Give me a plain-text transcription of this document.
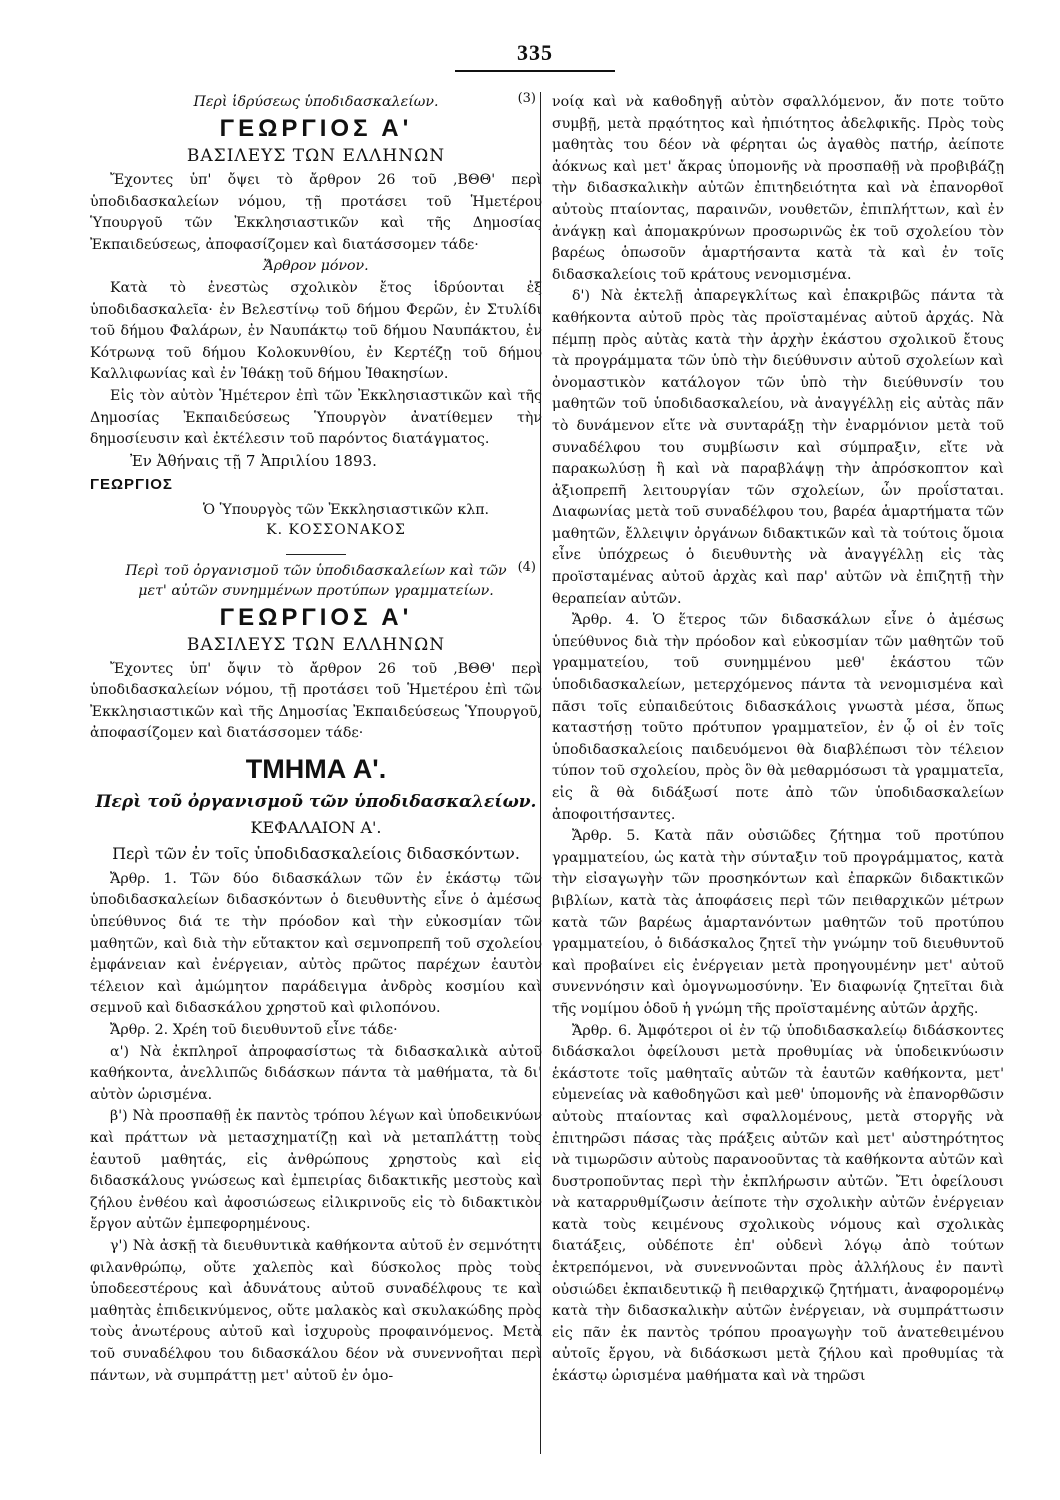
335
(3)
Περὶ ἱδρύσεως ὑποδιδασκαλείων.
ΓΕΩΡΓΙΟΣ Α'
ΒΑΣΙΛΕΥΣ ΤΩΝ ΕΛΛΗΝΩΝ

Ἔχοντες ὑπ' ὄψει τὸ ἄρθρον 26 τοῦ ,ΒΘΘ' περὶ ὑποδιδασκαλείων νόμου, τῇ προτάσει τοῦ Ἡμετέρου Ὑπουργοῦ τῶν Ἐκκλησιαστικῶν καὶ τῆς Δημοσίας Ἐκπαιδεύσεως, ἀποφασίζομεν καὶ διατάσσομεν τάδε·

Ἄρθρον μόνον.

Κατὰ τὸ ἐνεστὼς σχολικὸν ἔτος ἱδρύονται ἐξ ὑποδιδασκαλεῖα· ἐν Βελεστίνῳ τοῦ δήμου Φερῶν, ἐν Στυλίδι τοῦ δήμου Φαλάρων, ἐν Ναυπάκτῳ τοῦ δήμου Ναυπάκτου, ἐν Κότρωνᾳ τοῦ δήμου Κολοκυνθίου, ἐν Κερτέζῃ τοῦ δήμου Καλλιφωνίας καὶ ἐν Ἰθάκῃ τοῦ δήμου Ἰθακησίων.

Εἰς τὸν αὐτὸν Ἡμέτερον ἐπὶ τῶν Ἐκκλησιαστικῶν καὶ τῆς Δημοσίας Ἐκπαιδεύσεως Ὑπουργὸν ἀνατίθεμεν τὴν δημοσίευσιν καὶ ἐκτέλεσιν τοῦ παρόντος διατάγματος.

Ἐν Ἀθήναις τῇ 7 Ἀπριλίου 1893.
ΓΕΩΡΓΙΟΣ
Ὁ Ὑπουργὸς τῶν Ἐκκλησιαστικῶν κλπ.
Κ. ΚΟΣΣΟΝΑΚΟΣ
(4)
Περὶ τοῦ ὀργανισμοῦ τῶν ὑποδιδασκαλείων καὶ τῶν μετ' αὐτῶν συνημμένων προτύπων γραμματείων.
ΓΕΩΡΓΙΟΣ Α'
ΒΑΣΙΛΕΥΣ ΤΩΝ ΕΛΛΗΝΩΝ

Ἔχοντες ὑπ' ὄψιν τὸ ἄρθρον 26 τοῦ ,ΒΘΘ' περὶ ὑποδιδασκαλείων νόμου, τῇ προτάσει τοῦ Ἡμετέρου ἐπὶ τῶν Ἐκκλησιαστικῶν καὶ τῆς Δημοσίας Ἐκπαιδεύσεως Ὑπουργοῦ, ἀποφασίζομεν καὶ διατάσσομεν τάδε·

ΤΜΗΜΑ Α'.
Περὶ τοῦ ὀργανισμοῦ τῶν ὑποδιδασκαλείων.
ΚΕΦΑΛΑΙΟΝ Α'.
Περὶ τῶν ἐν τοῖς ὑποδιδασκαλείοις διδασκόντων.

Ἄρθρ. 1. Τῶν δύο διδασκάλων τῶν ἐν ἑκάστῳ τῶν ὑποδιδασκαλείων διδασκόντων ὁ διευθυντὴς εἶνε ὁ ἀμέσως ὑπεύθυνος διά τε τὴν πρόοδον καὶ τὴν εὐκοσμίαν τῶν μαθητῶν, καὶ διὰ τὴν εὔτακτον καὶ σεμνοπρεπῆ τοῦ σχολείου ἐμφάνειαν καὶ ἐνέργειαν, αὐτὸς πρῶτος παρέχων ἑαυτὸν τέλειον καὶ ἀμώμητον παράδειγμα ἀνδρὸς κοσμίου καὶ σεμνοῦ καὶ διδασκάλου χρηστοῦ καὶ φιλοπόνου.

Ἄρθρ. 2. Χρέη τοῦ διευθυντοῦ εἶνε τάδε·

α') Νὰ ἐκπληροῖ ἀπροφασίστως τὰ διδασκαλικὰ αὐτοῦ καθήκοντα, ἀνελλιπῶς διδάσκων πάντα τὰ μαθήματα, τὰ δι' αὐτὸν ὡρισμένα.

β') Νὰ προσπαθῇ ἐκ παντὸς τρόπου λέγων καὶ ὑποδεικνύων καὶ πράττων νὰ μετασχηματίζῃ καὶ νὰ μεταπλάττῃ τοὺς ἑαυτοῦ μαθητάς, εἰς ἀνθρώπους χρηστοὺς καὶ εἰς διδασκάλους γνώσεως καὶ ἐμπειρίας διδακτικῆς μεστοὺς καὶ ζήλου ἐνθέου καὶ ἀφοσιώσεως εἰλικρινοῦς εἰς τὸ διδακτικὸν ἔργον αὐτῶν ἐμπεφορημένους.

γ') Νὰ ἀσκῇ τὰ διευθυντικὰ καθήκοντα αὐτοῦ ἐν σεμνότητι φιλανθρώπῳ, οὔτε χαλεπὸς καὶ δύσκολος πρὸς τοὺς ὑποδεεστέρους καὶ ἀδυνάτους αὐτοῦ συναδέλφους τε καὶ μαθητὰς ἐπιδεικνύμενος, οὔτε μαλακὸς καὶ σκυλακώδης πρὸς τοὺς ἀνωτέρους αὐτοῦ καὶ ἰσχυροὺς προφαινόμενος. Μετὰ τοῦ συναδέλφου του διδασκάλου δέον νὰ συνεννοῆται περὶ πάντων, νὰ συμπράττῃ μετ' αὐτοῦ ἐν ὁμο-

νοίᾳ καὶ νὰ καθοδηγῇ αὐτὸν σφαλλόμενον, ἄν ποτε τοῦτο συμβῇ, μετὰ πρᾳότητος καὶ ἠπιότητος ἀδελφικῆς. Πρὸς τοὺς μαθητὰς του δέον νὰ φέρηται ὡς ἀγαθὸς πατήρ, ἀείποτε ἀόκνως καὶ μετ' ἄκρας ὑπομονῆς νὰ προσπαθῇ νὰ προβιβάζῃ τὴν διδασκαλικὴν αὐτῶν ἐπιτηδειότητα καὶ νὰ ἐπανορθοῖ αὐτοὺς πταίοντας, παραινῶν, νουθετῶν, ἐπιπλήττων, καὶ ἐν ἀνάγκῃ καὶ ἀπομακρύνων προσωρινῶς ἐκ τοῦ σχολείου τὸν βαρέως ὁπωσοῦν ἁμαρτήσαντα κατὰ τὰ καὶ ἐν τοῖς διδασκαλείοις τοῦ κράτους νενομισμένα.

δ') Νὰ ἐκτελῇ ἀπαρεγκλίτως καὶ ἐπακριβῶς πάντα τὰ καθήκοντα αὐτοῦ πρὸς τὰς προϊσταμένας αὐτοῦ ἀρχάς. Νὰ πέμπῃ πρὸς αὐτὰς κατὰ τὴν ἀρχὴν ἑκάστου σχολικοῦ ἔτους τὰ προγράμματα τῶν ὑπὸ τὴν διεύθυνσιν αὐτοῦ σχολείων καὶ ὀνομαστικὸν κατάλογον τῶν ὑπὸ τὴν διεύθυνσίν του μαθητῶν τοῦ ὑποδιδασκαλείου, νὰ ἀναγγέλλῃ εἰς αὐτὰς πᾶν τὸ δυνάμενον εἴτε νὰ συνταράξῃ τὴν ἐναρμόνιον μετὰ τοῦ συναδέλφου του συμβίωσιν καὶ σύμπραξιν, εἴτε νὰ παρακωλύσῃ ἢ καὶ νὰ παραβλάψῃ τὴν ἀπρόσκοπτον καὶ ἀξιοπρεπῆ λειτουργίαν τῶν σχολείων, ὧν προΐσταται. Διαφωνίας μετὰ τοῦ συναδέλφου του, βαρέα ἁμαρτήματα τῶν μαθητῶν, ἔλλειψιν ὀργάνων διδακτικῶν καὶ τὰ τούτοις ὅμοια εἶνε ὑπόχρεως ὁ διευθυντὴς νὰ ἀναγγέλλῃ εἰς τὰς προϊσταμένας αὐτοῦ ἀρχὰς καὶ παρ' αὐτῶν νὰ ἐπιζητῇ τὴν θεραπείαν αὐτῶν.

Ἄρθρ. 4. Ὁ ἕτερος τῶν διδασκάλων εἶνε ὁ ἀμέσως ὑπεύθυνος διὰ τὴν πρόοδον καὶ εὐκοσμίαν τῶν μαθητῶν τοῦ γραμματείου, τοῦ συνημμένου μεθ' ἑκάστου τῶν ὑποδιδασκαλείων, μετερχόμενος πάντα τὰ νενομισμένα καὶ πᾶσι τοῖς εὐπαιδεύτοις διδασκάλοις γνωστὰ μέσα, ὅπως καταστήσῃ τοῦτο πρότυπον γραμματεῖον, ἐν ᾧ οἱ ἐν τοῖς ὑποδιδασκαλείοις παιδευόμενοι θὰ διαβλέπωσι τὸν τέλειον τύπον τοῦ σχολείου, πρὸς ὃν θὰ μεθαρμόσωσι τὰ γραμματεῖα, εἰς ἃ θὰ διδάξωσί ποτε ἀπὸ τῶν ὑποδιδασκαλείων ἀποφοιτήσαντες.

Ἄρθρ. 5. Κατὰ πᾶν οὐσιῶδες ζήτημα τοῦ προτύπου γραμματείου, ὡς κατὰ τὴν σύνταξιν τοῦ προγράμματος, κατὰ τὴν εἰσαγωγὴν τῶν προσηκόντων καὶ ἐπαρκῶν διδακτικῶν βιβλίων, κατὰ τὰς ἀποφάσεις περὶ τῶν πειθαρχικῶν μέτρων κατὰ τῶν βαρέως ἁμαρτανόντων μαθητῶν τοῦ προτύπου γραμματείου, ὁ διδάσκαλος ζητεῖ τὴν γνώμην τοῦ διευθυντοῦ καὶ προβαίνει εἰς ἐνέργειαν μετὰ προηγουμένην μετ' αὐτοῦ συνεννόησιν καὶ ὁμογνωμοσύνην. Ἐν διαφωνίᾳ ζητεῖται διὰ τῆς νομίμου ὁδοῦ ἡ γνώμη τῆς προϊσταμένης αὐτῶν ἀρχῆς.

Ἄρθρ. 6. Ἀμφότεροι οἱ ἐν τῷ ὑποδιδασκαλείῳ διδάσκοντες διδάσκαλοι ὀφείλουσι μετὰ προθυμίας νὰ ὑποδεικνύωσιν ἑκάστοτε τοῖς μαθηταῖς αὐτῶν τὰ ἑαυτῶν καθήκοντα, μετ' εὐμενείας νὰ καθοδηγῶσι καὶ μεθ' ὑπομονῆς νὰ ἐπανορθῶσιν αὐτοὺς πταίοντας καὶ σφαλλομένους, μετὰ στοργῆς νὰ ἐπιτηρῶσι πάσας τὰς πράξεις αὐτῶν καὶ μετ' αὐστηρότητος νὰ τιμωρῶσιν αὐτοὺς παρανοοῦντας τὰ καθήκοντα αὐτῶν καὶ δυστροποῦντας περὶ τὴν ἐκπλήρωσιν αὐτῶν. Ἔτι ὀφείλουσι νὰ καταρρυθμίζωσιν ἀείποτε τὴν σχολικὴν αὐτῶν ἐνέργειαν κατὰ τοὺς κειμένους σχολικοὺς νόμους καὶ σχολικὰς διατάξεις, οὐδέποτε ἐπ' οὐδενὶ λόγῳ ἀπὸ τούτων ἐκτρεπόμενοι, νὰ συνεννοῶνται πρὸς ἀλλήλους ἐν παντὶ οὐσιώδει ἐκπαιδευτικῷ ἢ πειθαρχικῷ ζητήματι, ἀναφορομένῳ κατὰ τὴν διδασκαλικὴν αὐτῶν ἐνέργειαν, νὰ συμπράττωσιν εἰς πᾶν ἐκ παντὸς τρόπου προαγωγὴν τοῦ ἀνατεθειμένου αὐτοῖς ἔργου, νὰ διδάσκωσι μετὰ ζήλου καὶ προθυμίας τὰ ἑκάστῳ ὡρισμένα μαθήματα καὶ νὰ τηρῶσι
